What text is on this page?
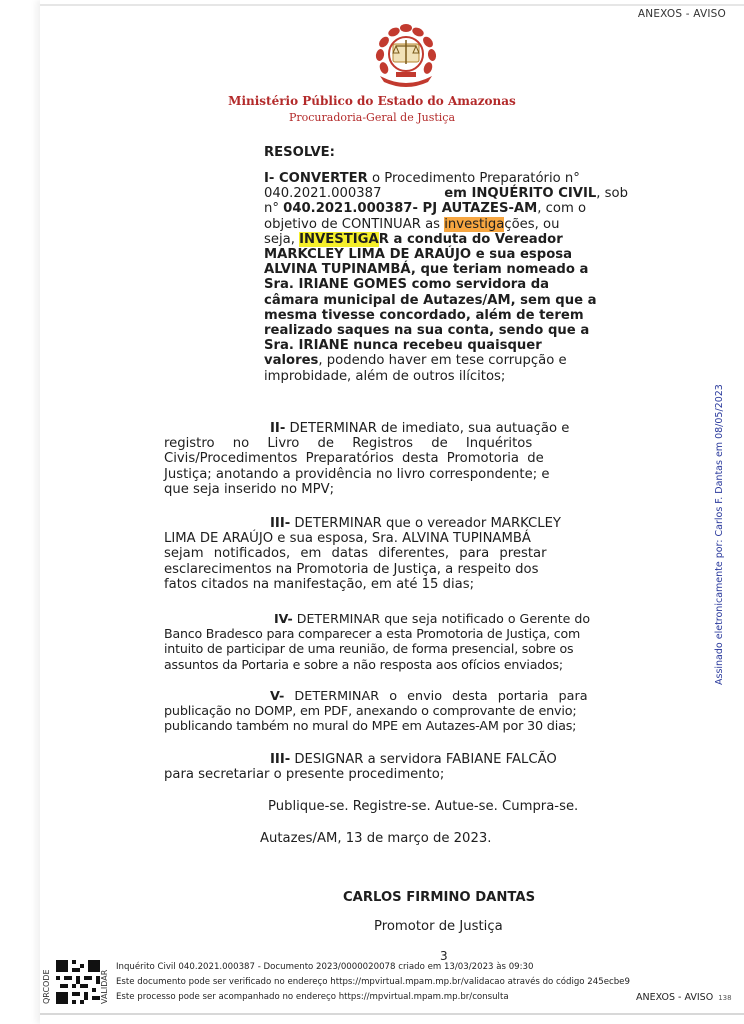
ANEXOS - AVISO
Ministério Público do Estado do Amazonas
Procuradoria-Geral de Justiça
RESOLVE:
I- CONVERTER o Procedimento Preparatório n°
040.2021.000387	em INQUÉRITO CIVIL, sob
n° 040.2021.000387- PJ AUTAZES-AM, com o
objetivo de CONTINUAR as investigações, ou
seja, INVESTIGAR a conduta do Vereador
MARKCLEY LIMA DE ARAÚJO e sua esposa
ALVINA TUPINAMBÁ, que teriam nomeado a
Sra. IRIANE GOMES como servidora da
câmara municipal de Autazes/AM, sem que a
mesma tivesse concordado, além de terem
realizado saques na sua conta, sendo que a
Sra. IRIANE nunca recebeu quaisquer
valores, podendo haver em tese corrupção e
improbidade, além de outros ilícitos;
II- DETERMINAR de imediato, sua autuação e
registro no Livro de Registros de Inquéritos
Civis/Procedimentos Preparatórios desta Promotoria de
Justiça; anotando a providência no livro correspondente; e
que seja inserido no MPV;
III- DETERMINAR que o vereador MARKCLEY
LIMA DE ARAÚJO e sua esposa, Sra. ALVINA TUPINAMBÁ
sejam notificados, em datas diferentes, para prestar
esclarecimentos na Promotoria de Justiça, a respeito dos
fatos citados na manifestação, em até 15 dias;
IV- DETERMINAR que seja notificado o Gerente do
Banco Bradesco para comparecer a esta Promotoria de Justiça, com
intuito de participar de uma reunião, de forma presencial, sobre os
assuntos da Portaria e sobre a não resposta aos ofícios enviados;
V- DETERMINAR o envio desta portaria para
publicação no DOMP, em PDF, anexando o comprovante de envio;
publicando também no mural do MPE em Autazes-AM por 30 dias;
III- DESIGNAR a servidora FABIANE FALCÃO
para secretariar o presente procedimento;
Publique-se. Registre-se. Autue-se. Cumpra-se.
Autazes/AM, 13 de março de 2023.
CARLOS FIRMINO DANTAS
Promotor de Justiça
Assinado eletronicamente por: Carlos F. Dantas em 08/05/2023
3
QRCODE	VALIDAR
Inquérito Civil 040.2021.000387 - Documento 2023/0000020078 criado em 13/03/2023 às 09:30
Este documento pode ser verificado no endereço https://mpvirtual.mpam.mp.br/validacao através do código 245ecbe9
Este processo pode ser acompanhado no endereço https://mpvirtual.mpam.mp.br/consulta	ANEXOS - AVISO 138
